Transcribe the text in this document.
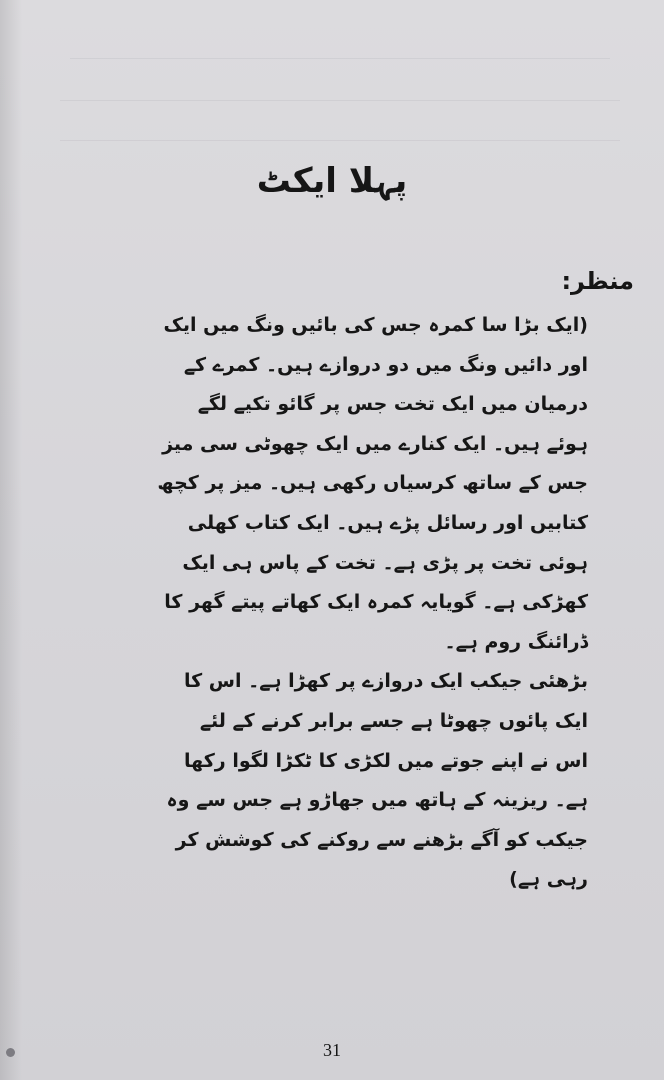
پہلا ایکٹ
منظر:
(ایک بڑا سا کمرہ جس کی بائیں ونگ میں ایک
اور دائیں ونگ میں دو دروازے ہیں۔ کمرے کے
درمیان میں ایک تخت جس پر گائو تکیے لگے
ہوئے ہیں۔ ایک کنارے میں ایک چھوٹی سی میز
جس کے ساتھ کرسیاں رکھی ہیں۔ میز پر کچھ
کتابیں اور رسائل پڑے ہیں۔ ایک کتاب کھلی
ہوئی تخت پر پڑی ہے۔ تخت کے پاس ہی ایک
کھڑکی ہے۔ گویایہ کمرہ ایک کھاتے پیتے گھر کا
ڈرائنگ روم ہے۔
بڑھئی جیکب ایک دروازے پر کھڑا ہے۔ اس کا
ایک پائوں چھوٹا ہے جسے برابر کرنے کے لئے
اس نے اپنے جوتے میں لکڑی کا ٹکڑا لگوا رکھا
ہے۔ ریزینہ کے ہاتھ میں جھاڑو ہے جس سے وہ
جیکب کو آگے بڑھنے سے روکنے کی کوشش کر
رہی ہے)
31
